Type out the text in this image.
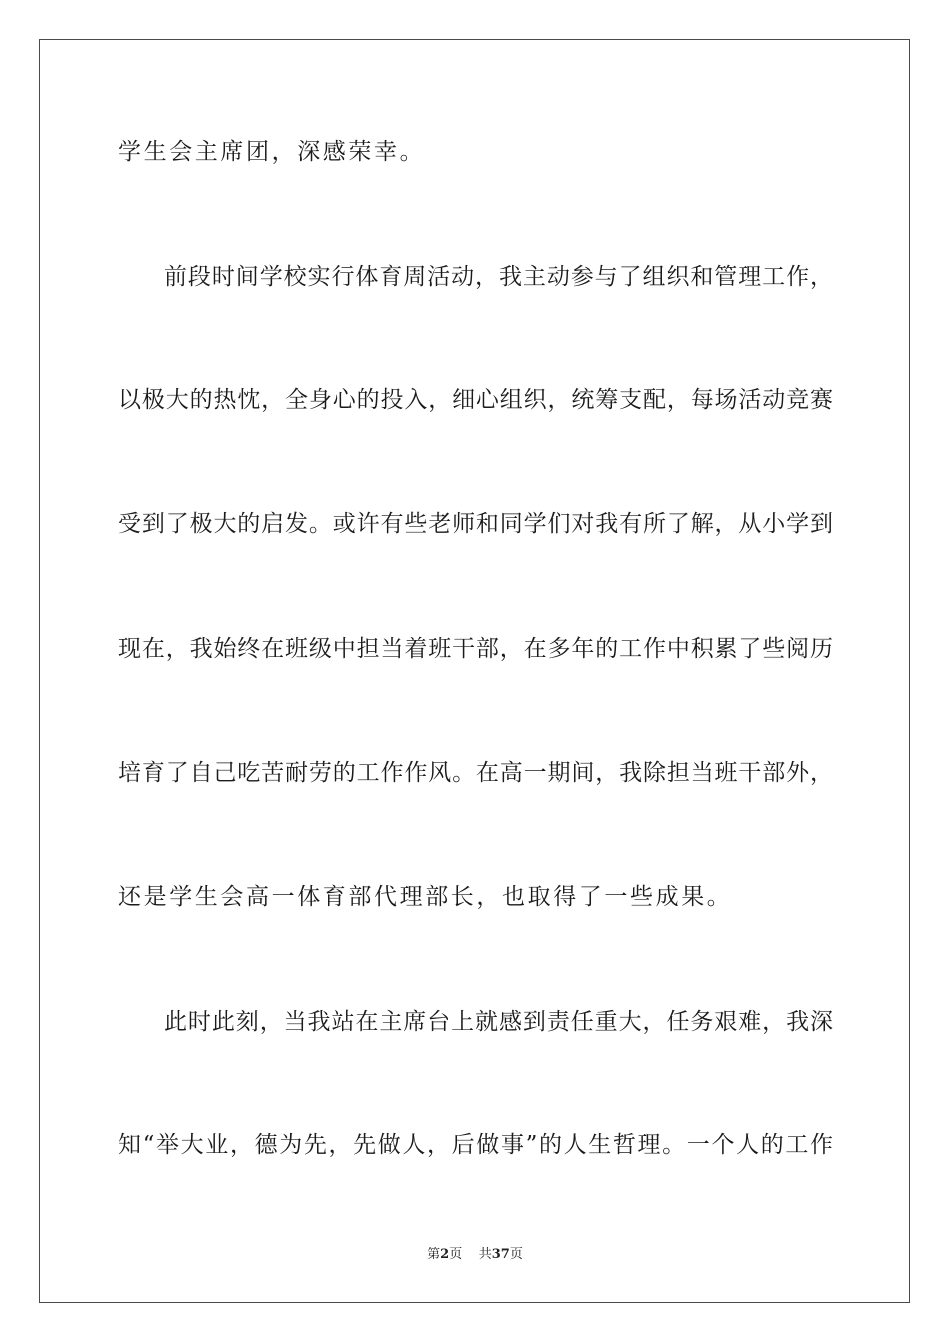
学生会主席团，深感荣幸。
前段时间学校实行体育周活动，我主动参与了组织和管理工作，
以极大的热忱，全身心的投入，细心组织，统筹支配，每场活动竞赛
受到了极大的启发。或许有些老师和同学们对我有所了解，从小学到
现在，我始终在班级中担当着班干部，在多年的工作中积累了些阅历
培育了自己吃苦耐劳的工作作风。在高一期间，我除担当班干部外，
还是学生会高一体育部代理部长，也取得了一些成果。
此时此刻，当我站在主席台上就感到责任重大，任务艰难，我深
知“举大业，德为先，先做人，后做事”的人生哲理。一个人的工作
第2页 共37页
